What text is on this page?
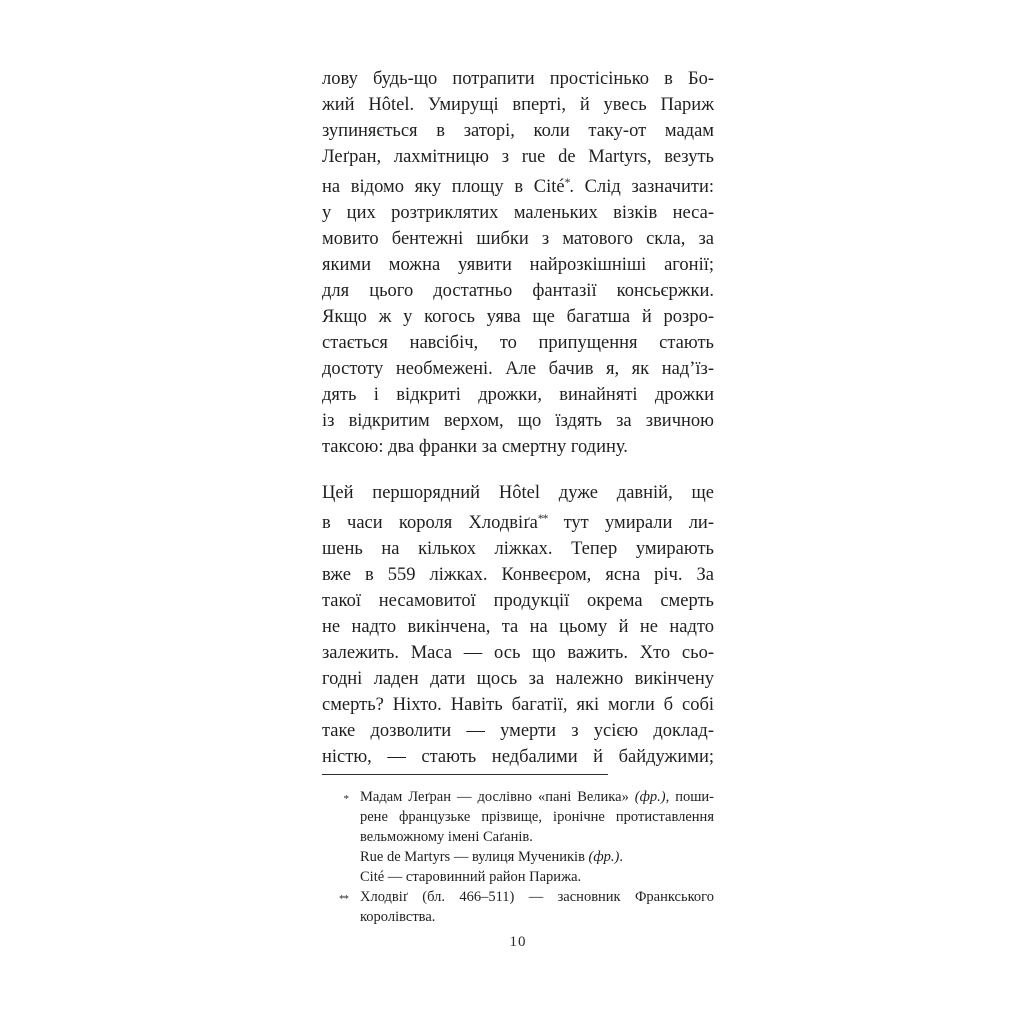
лову будь-що потрапити простісінько в Бо-
жий Hôtel. Умирущі вперті, й увесь Париж
зупиняється в заторі, коли таку-от мадам
Леґран, лахмітницю з rue de Martyrs, везуть
на відомо яку площу в Cité*. Слід зазначити:
у цих розтриклятих маленьких візків неса-
мовито бентежні шибки з матового скла, за
якими можна уявити найрозкішніші агонії;
для цього достатньо фантазії консьєржки.
Якщо ж у когось уява ще багатша й розро-
стається навсібіч, то припущення стають
достоту необмежені. Але бачив я, як над’їз-
дять і відкриті дрожки, винайняті дрожки
із відкритим верхом, що їздять за звичною
таксою: два франки за смертну годину.
Цей першорядний Hôtel дуже давній, ще
в часи короля Хлодвіґа** тут умирали ли-
шень на кількох ліжках. Тепер умирають
вже в 559 ліжках. Конвеєром, ясна річ. За
такої несамовитої продукції окрема смерть
не надто викінчена, та на цьому й не надто
залежить. Маса — ось що важить. Хто сьо-
годні ладен дати щось за належно викінчену
смерть? Ніхто. Навіть багатії, які могли б собі
таке дозволити — умерти з усією доклад-
ністю, — стають недбалими й байдужими;
* Мадам Леґран — дослівно «пані Велика» (фр.), поши-
рене французьке прізвище, іронічне протиставлення
вельможному імені Саґанів.
Rue de Martyrs — вулиця Мучеників (фр.).
Cité — старовинний район Парижа.
** Хлодвіґ (бл. 466–511) — засновник Франкського
королівства.
10
